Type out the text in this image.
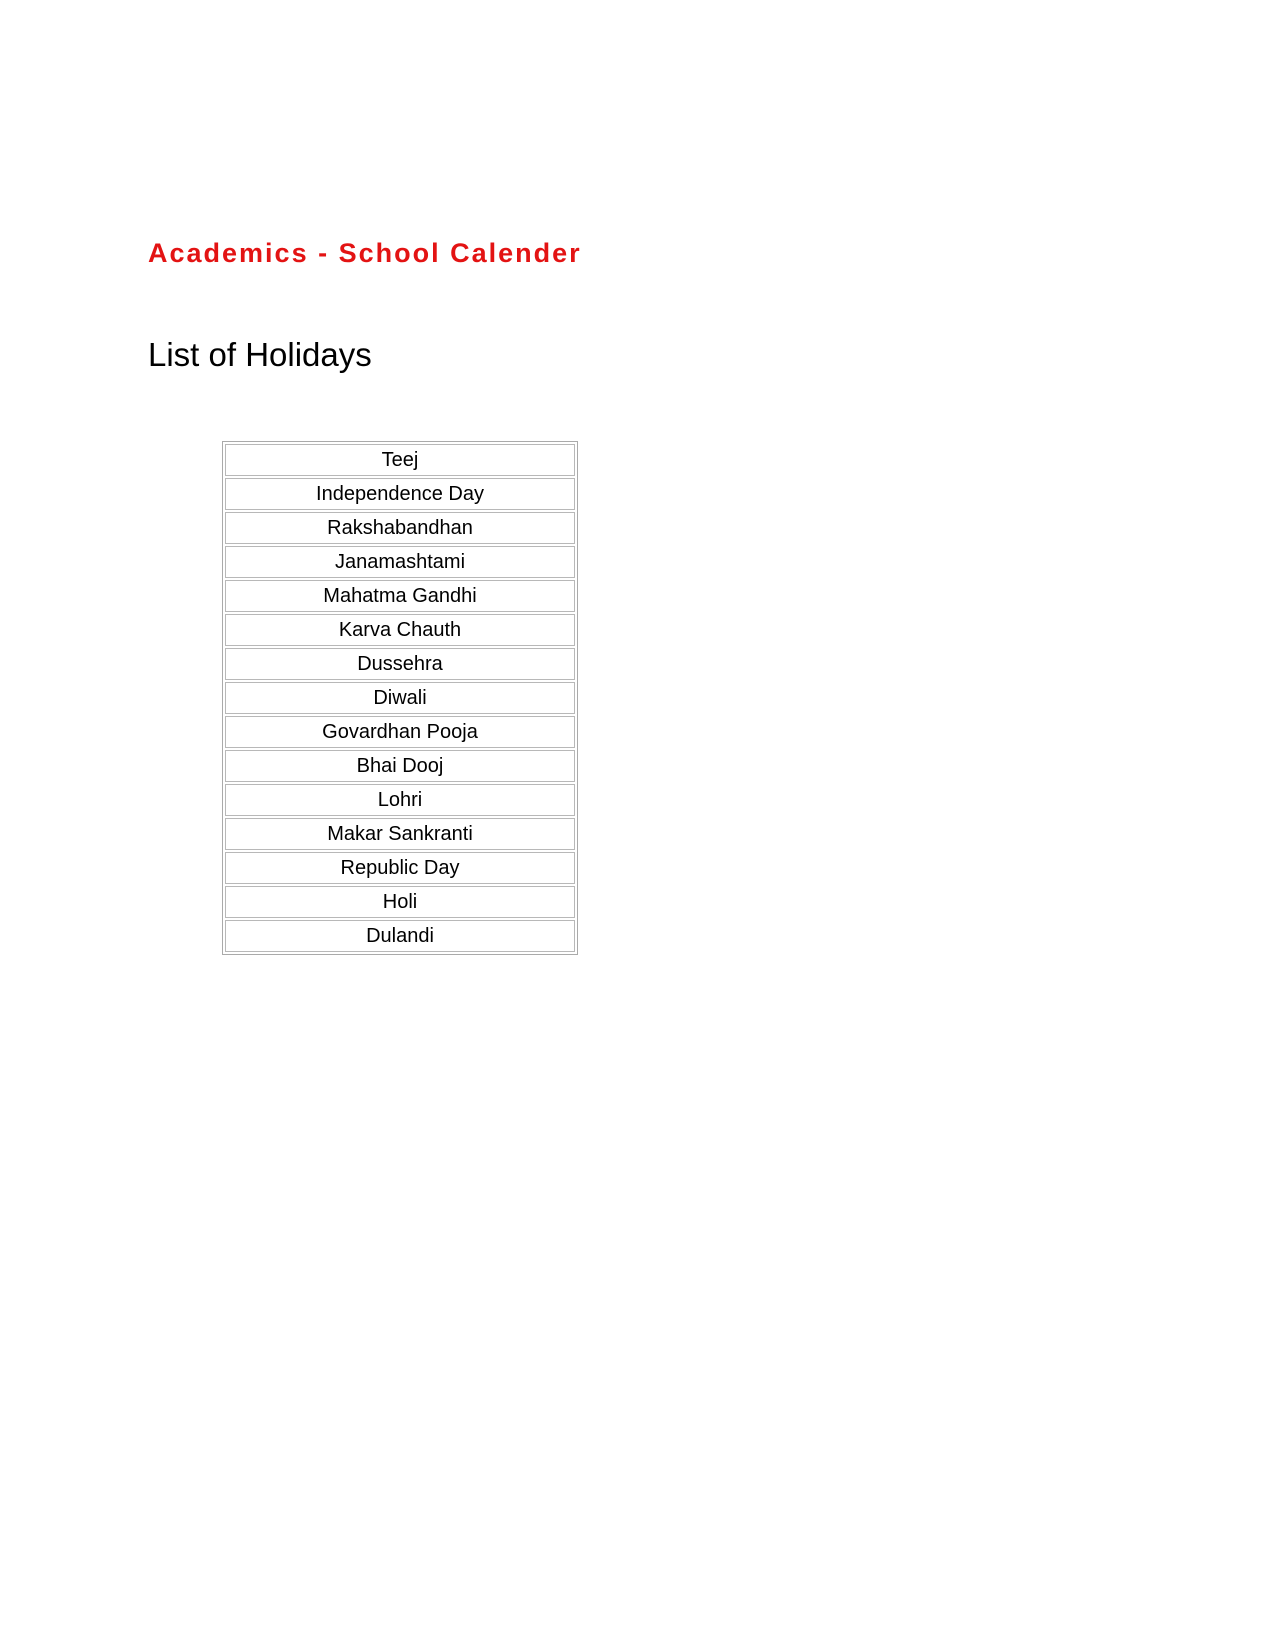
Academics - School Calender
List of Holidays
Teej
Independence Day
Rakshabandhan
Janamashtami
Mahatma Gandhi
Karva Chauth
Dussehra
Diwali
Govardhan Pooja
Bhai Dooj
Lohri
Makar Sankranti
Republic Day
Holi
Dulandi
